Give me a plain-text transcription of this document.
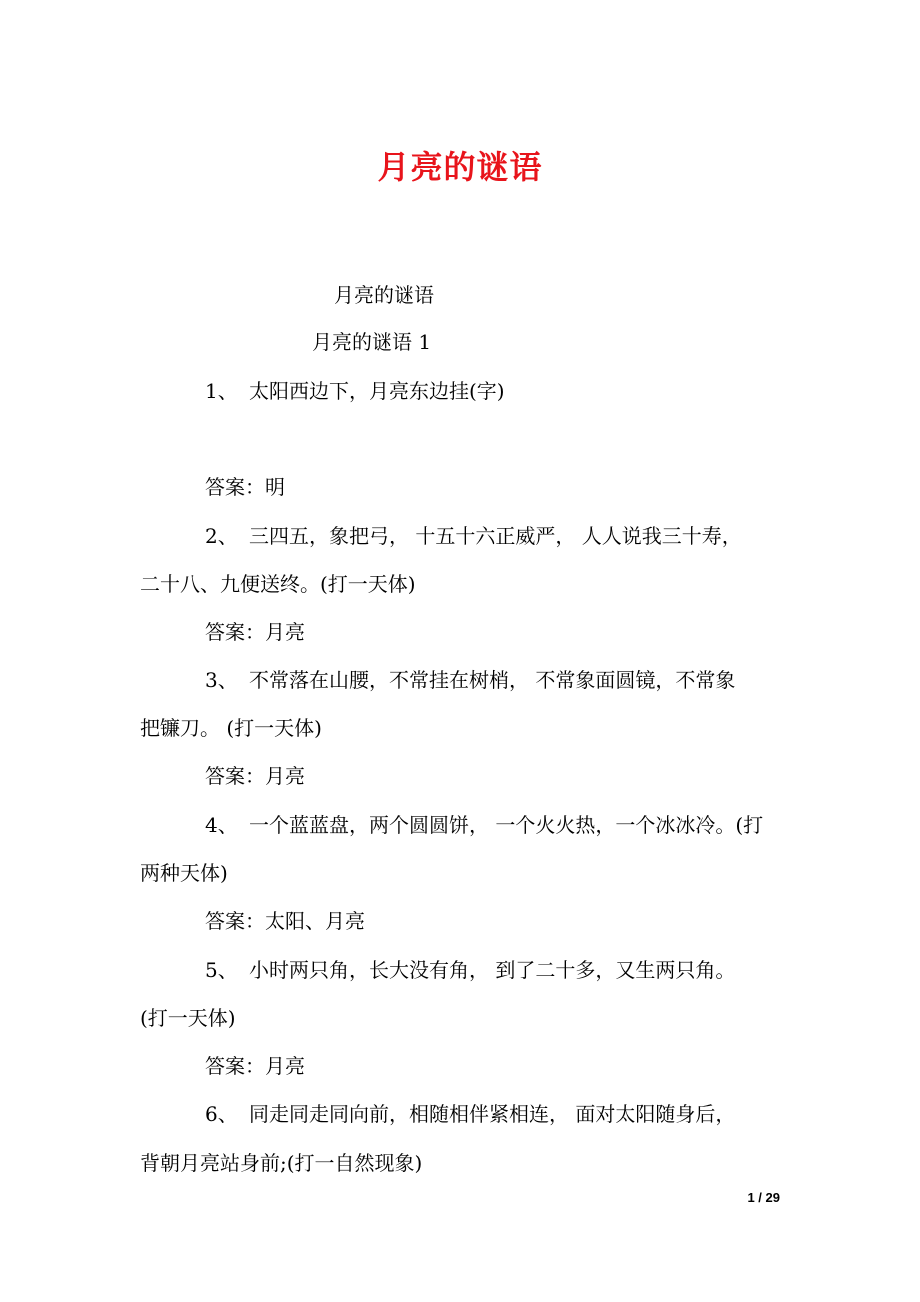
月亮的谜语
月亮的谜语
月亮的谜语 1
1、 太阳西边下，月亮东边挂(字)
答案：明
2、 三四五，象把弓， 十五十六正威严， 人人说我三十寿，
二十八、九便送终。(打一天体)
答案：月亮
3、 不常落在山腰，不常挂在树梢， 不常象面圆镜，不常象
把镰刀。 (打一天体)
答案：月亮
4、 一个蓝蓝盘，两个圆圆饼， 一个火火热，一个冰冰冷。(打
两种天体)
答案：太阳、月亮
5、 小时两只角，长大没有角， 到了二十多，又生两只角。
(打一天体)
答案：月亮
6、 同走同走同向前，相随相伴紧相连， 面对太阳随身后，
背朝月亮站身前;(打一自然现象)
1 / 29
